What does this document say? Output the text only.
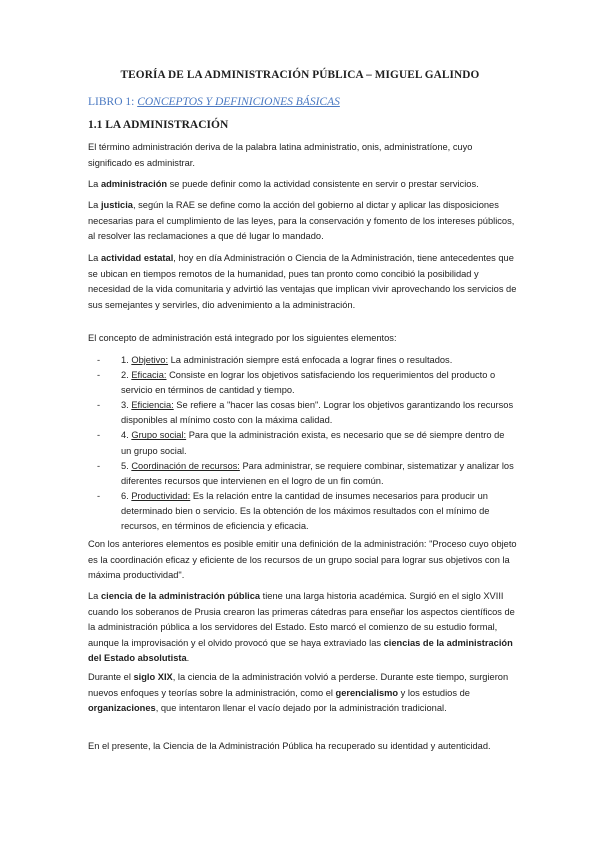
TEORÍA DE LA ADMINISTRACIÓN PÚBLICA – MIGUEL GALINDO
LIBRO 1: CONCEPTOS Y DEFINICIONES BÁSICAS
1.1 LA ADMINISTRACIÓN

El término administración deriva de la palabra latina administratio, onis, administratíone, cuyo significado es administrar.

La administración se puede definir como la actividad consistente en servir o prestar servicios.

La justicia, según la RAE se define como la acción del gobierno al dictar y aplicar las disposiciones necesarias para el cumplimiento de las leyes, para la conservación y fomento de los intereses públicos, al resolver las reclamaciones a que dé lugar lo mandado.

La actividad estatal, hoy en día Administración o Ciencia de la Administración, tiene antecedentes que se ubican en tiempos remotos de la humanidad, pues tan pronto como concibió la posibilidad y necesidad de la vida comunitaria y advirtió las ventajas que implican vivir aprovechando los servicios de sus semejantes y servirles, dio advenimiento a la administración.

El concepto de administración está integrado por los siguientes elementos:

- 1. Objetivo: La administración siempre está enfocada a lograr fines o resultados.
- 2. Eficacia: Consiste en lograr los objetivos satisfaciendo los requerimientos del producto o servicio en términos de cantidad y tiempo.
- 3. Eficiencia: Se refiere a "hacer las cosas bien". Lograr los objetivos garantizando los recursos disponibles al mínimo costo con la máxima calidad.
- 4. Grupo social: Para que la administración exista, es necesario que se dé siempre dentro de un grupo social.
- 5. Coordinación de recursos: Para administrar, se requiere combinar, sistematizar y analizar los diferentes recursos que intervienen en el logro de un fin común.
- 6. Productividad: Es la relación entre la cantidad de insumes necesarios para producir un determinado bien o servicio. Es la obtención de los máximos resultados con el mínimo de recursos, en términos de eficiencia y eficacia.

Con los anteriores elementos es posible emitir una definición de la administración: "Proceso cuyo objeto es la coordinación eficaz y eficiente de los recursos de un grupo social para lograr sus objetivos con la máxima productividad".

La ciencia de la administración pública tiene una larga historia académica. Surgió en el siglo XVIII cuando los soberanos de Prusia crearon las primeras cátedras para enseñar los aspectos científicos de la administración pública a los servidores del Estado. Esto marcó el comienzo de su estudio formal, aunque la improvisación y el olvido provocó que se haya extraviado las ciencias de la administración del Estado absolutista.

Durante el siglo XIX, la ciencia de la administración volvió a perderse. Durante este tiempo, surgieron nuevos enfoques y teorías sobre la administración, como el gerencialismo y los estudios de organizaciones, que intentaron llenar el vacío dejado por la administración tradicional.

En el presente, la Ciencia de la Administración Pública ha recuperado su identidad y autenticidad.
